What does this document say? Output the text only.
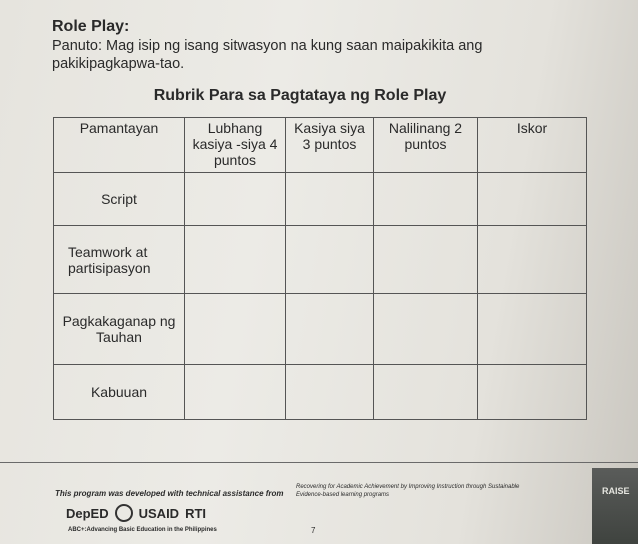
Role Play:
Panuto: Mag isip ng isang sitwasyon na kung saan maipakikita ang pakikipagkapwa-tao.
Rubrik Para sa Pagtataya ng Role Play
Pamantayan	Lubhang kasiya -siya 4 puntos	Kasiya siya 3 puntos	Nalilinang 2 puntos	Iskor
Script				
Teamwork at partisipasyon				
Pagkakaganap ng Tauhan				
Kabuuan				
This program was developed with technical assistance from
Recovering for Academic Achievement by Improving Instruction through Sustainable Evidence-based learning programs
DepED USAID RTI
ABC+:Advancing Basic Education in the Philippines	7
RAISE
